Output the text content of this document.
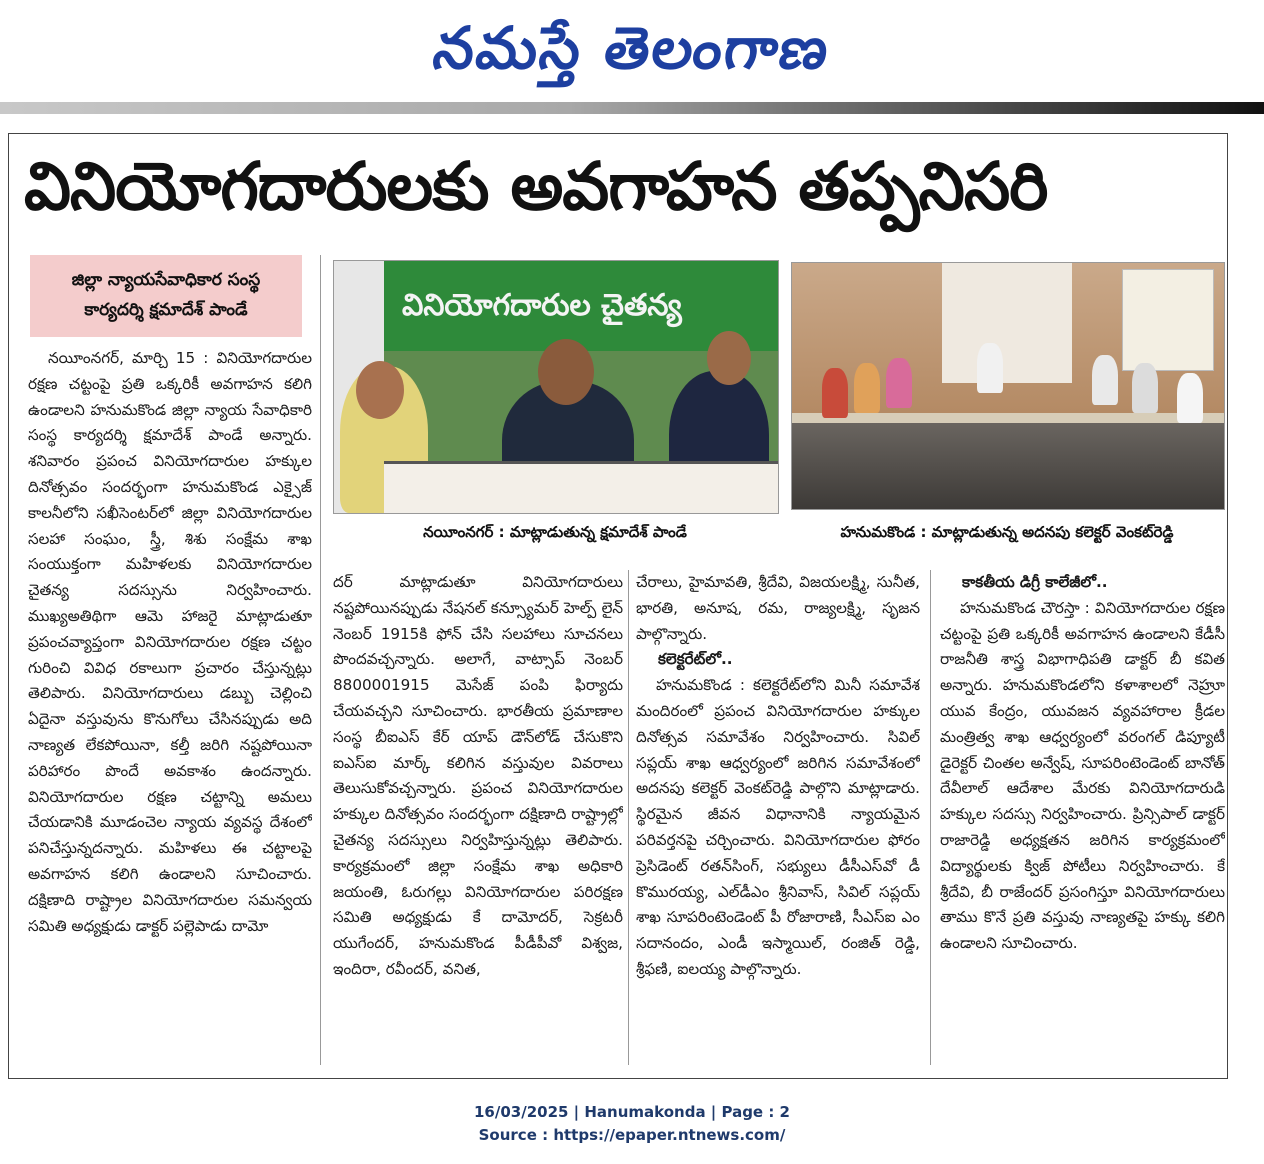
నమస్తే తెలంగాణ
వినియోగదారులకు అవగాహన తప్పనిసరి
జిల్లా న్యాయసేవాధికార సంస్థ
కార్యదర్శి క్షమాదేశ్ పాండే	వినియోగదారుల చైతన్య
నయీంనగర్ : మాట్లాడుతున్న క్షమాదేశ్ పాండే	హనుమకొండ : మాట్లాడుతున్న అదనపు కలెక్టర్ వెంకట్‌రెడ్డి

నయీంనగర్, మార్చి 15 : వినియోగదారుల రక్షణ చట్టంపై ప్రతి ఒక్కరికీ అవగాహన కలిగి ఉండాలని హనుమకొండ జిల్లా న్యాయ సేవాధికారి సంస్థ కార్యదర్శి క్షమాదేశ్ పాండే అన్నారు. శనివారం ప్రపంచ వినియోగదారుల హక్కుల దినోత్సవం సందర్భంగా హనుమకొండ ఎక్సైజ్ కాలనీలోని సఖీసెంటర్‌లో జిల్లా వినియోగదారుల సలహా సంఘం, స్త్రీ, శిశు సంక్షేమ శాఖ సంయుక్తంగా మహిళలకు వినియోగదారుల చైతన్య సదస్సును నిర్వహించారు. ముఖ్యఅతిథిగా ఆమె హాజరై మాట్లాడుతూ ప్రపంచవ్యాప్తంగా వినియోగదారుల రక్షణ చట్టం గురించి వివిధ రకాలుగా ప్రచారం చేస్తున్నట్లు తెలిపారు. వినియోగదారులు డబ్బు చెల్లించి ఏదైనా వస్తువును కొనుగోలు చేసినప్పుడు అది నాణ్యత లేకపోయినా, కల్తీ జరిగి నష్టపోయినా పరిహారం పొందే అవకాశం ఉందన్నారు. వినియోగదారుల రక్షణ చట్టాన్ని అమలు చేయడానికి మూడంచెల న్యాయ వ్యవస్థ దేశంలో పనిచేస్తున్నదన్నారు. మహిళలు ఈ చట్టాలపై అవగాహన కలిగి ఉండాలని సూచించారు. దక్షిణాది రాష్ట్రాల వినియోగదారుల సమన్వయ సమితి అధ్యక్షుడు డాక్టర్ పల్లెపాడు దామో

దర్ మాట్లాడుతూ వినియోగదారులు నష్టపోయినప్పుడు నేషనల్ కన్స్యూమర్ హెల్ప్ లైన్ నెంబర్ 1915కి ఫోన్ చేసి సలహాలు సూచనలు పొందవచ్చన్నారు. అలాగే, వాట్సాప్ నెంబర్ 8800001915 మెసేజ్ పంపి ఫిర్యాదు చేయవచ్చని సూచించారు. భారతీయ ప్రమాణాల సంస్థ బీఐఎస్ కేర్ యాప్ డౌన్‌లోడ్ చేసుకొని ఐఎస్ఐ మార్క్ కలిగిన వస్తువుల వివరాలు తెలుసుకోవచ్చన్నారు. ప్రపంచ వినియోగదారుల హక్కుల దినోత్సవం సందర్భంగా దక్షిణాది రాష్ట్రాల్లో చైతన్య సదస్సులు నిర్వహిస్తున్నట్లు తెలిపారు. కార్యక్రమంలో జిల్లా సంక్షేమ శాఖ అధికారి జయంతి, ఓరుగల్లు వినియోగదారుల పరిరక్షణ సమితి అధ్యక్షుడు కే దామోదర్, సెక్రటరీ యుగేందర్, హనుమకొండ పీడీపీవో విశ్వజ, ఇందిరా, రవీందర్, వనిత,

చేరాలు, హైమావతి, శ్రీదేవి, విజయలక్ష్మి, సునీత, భారతి, అనూష, రమ, రాజ్యలక్ష్మి, సృజన పాల్గొన్నారు.

కలెక్టరేట్‌లో..

హనుమకొండ : కలెక్టరేట్‌లోని మినీ సమావేశ మందిరంలో ప్రపంచ వినియోగదారుల హక్కుల దినోత్సవ సమావేశం నిర్వహించారు. సివిల్ సప్లయ్ శాఖ ఆధ్వర్యంలో జరిగిన సమావేశంలో అదనపు కలెక్టర్ వెంకట్‌రెడ్డి పాల్గొని మాట్లాడారు. స్థిరమైన జీవన విధానానికి న్యాయమైన పరివర్తనపై చర్చించారు. వినియోగదారుల ఫోరం ప్రెసిడెంట్ రతన్‌సింగ్, సభ్యులు డీసీఎస్‌వో డీ కొమురయ్య, ఎల్‌డీఎం శ్రీనివాస్, సివిల్ సప్లయ్ శాఖ సూపరింటెండెంట్ పీ రోజారాణి, సీఎస్ఐ ఎం సదానందం, ఎండీ ఇస్మాయిల్, రంజిత్ రెడ్డి, శ్రీఫణి, ఐలయ్య పాల్గొన్నారు.

కాకతీయ డిగ్రీ కాలేజీలో..

హనుమకొండ చౌరస్తా : వినియోగదారుల రక్షణ చట్టంపై ప్రతి ఒక్కరికీ అవగాహన ఉండాలని కేడీసీ రాజనీతి శాస్త్ర విభాగాధిపతి డాక్టర్ బీ కవిత అన్నారు. హనుమకొండలోని కళాశాలలో నెహ్రూ యువ కేంద్రం, యువజన వ్యవహారాల క్రీడల మంత్రిత్వ శాఖ ఆధ్వర్యంలో వరంగల్ డిప్యూటీ డైరెక్టర్ చింతల అన్వేష్, సూపరింటెండెంట్ బానోత్ దేవీలాల్ ఆదేశాల మేరకు వినియోగదారుడి హక్కుల సదస్సు నిర్వహించారు. ప్రిన్సిపాల్ డాక్టర్ రాజారెడ్డి అధ్యక్షతన జరిగిన కార్యక్రమంలో విద్యార్థులకు క్విజ్ పోటీలు నిర్వహించారు. కే శ్రీదేవి, బీ రాజేందర్ ప్రసంగిస్తూ వినియోగదారులు తాము కొనే ప్రతి వస్తువు నాణ్యతపై హక్కు కలిగి ఉండాలని సూచించారు.

16/03/2025 | Hanumakonda | Page : 2
Source : https://epaper.ntnews.com/
